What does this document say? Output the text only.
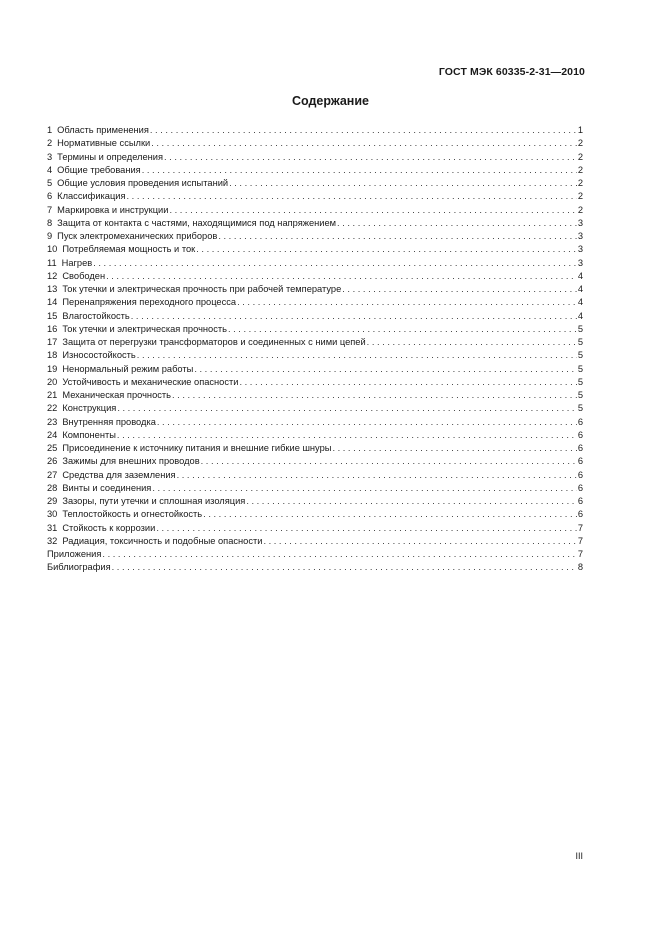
ГОСТ МЭК 60335-2-31—2010
Содержание
1 Область применения . . .	1
2 Нормативные ссылки . . .	2
3 Термины и определения . . .	2
4 Общие требования . . .	2
5 Общие условия проведения испытаний . . .	2
6 Классификация . . .	2
7 Маркировка и инструкции . . .	2
8 Защита от контакта с частями, находящимися под напряжением . . .	3
9 Пуск электромеханических приборов . . .	3
10 Потребляемая мощность и ток . . .	3
11 Нагрев . . .	3
12 Свободен . . .	4
13 Ток утечки и электрическая прочность при рабочей температуре . . .	4
14 Перенапряжения переходного процесса . . .	4
15 Влагостойкость . . .	4
16 Ток утечки и электрическая прочность . . .	5
17 Защита от перегрузки трансформаторов и соединенных с ними цепей . . .	5
18 Износостойкость . . .	5
19 Ненормальный режим работы . . .	5
20 Устойчивость и механические опасности . . .	5
21 Механическая прочность . . .	5
22 Конструкция . . .	5
23 Внутренняя проводка . . .	6
24 Компоненты . . .	6
25 Присоединение к источнику питания и внешние гибкие шнуры . . .	6
26 Зажимы для внешних проводов . . .	6
27 Средства для заземления . . .	6
28 Винты и соединения . . .	6
29 Зазоры, пути утечки и сплошная изоляция . . .	6
30 Теплостойкость и огнестойкость . . .	6
31 Стойкость к коррозии . . .	7
32 Радиация, токсичность и подобные опасности . . .	7
Приложения . . .	7
Библиография . . .	8
III
